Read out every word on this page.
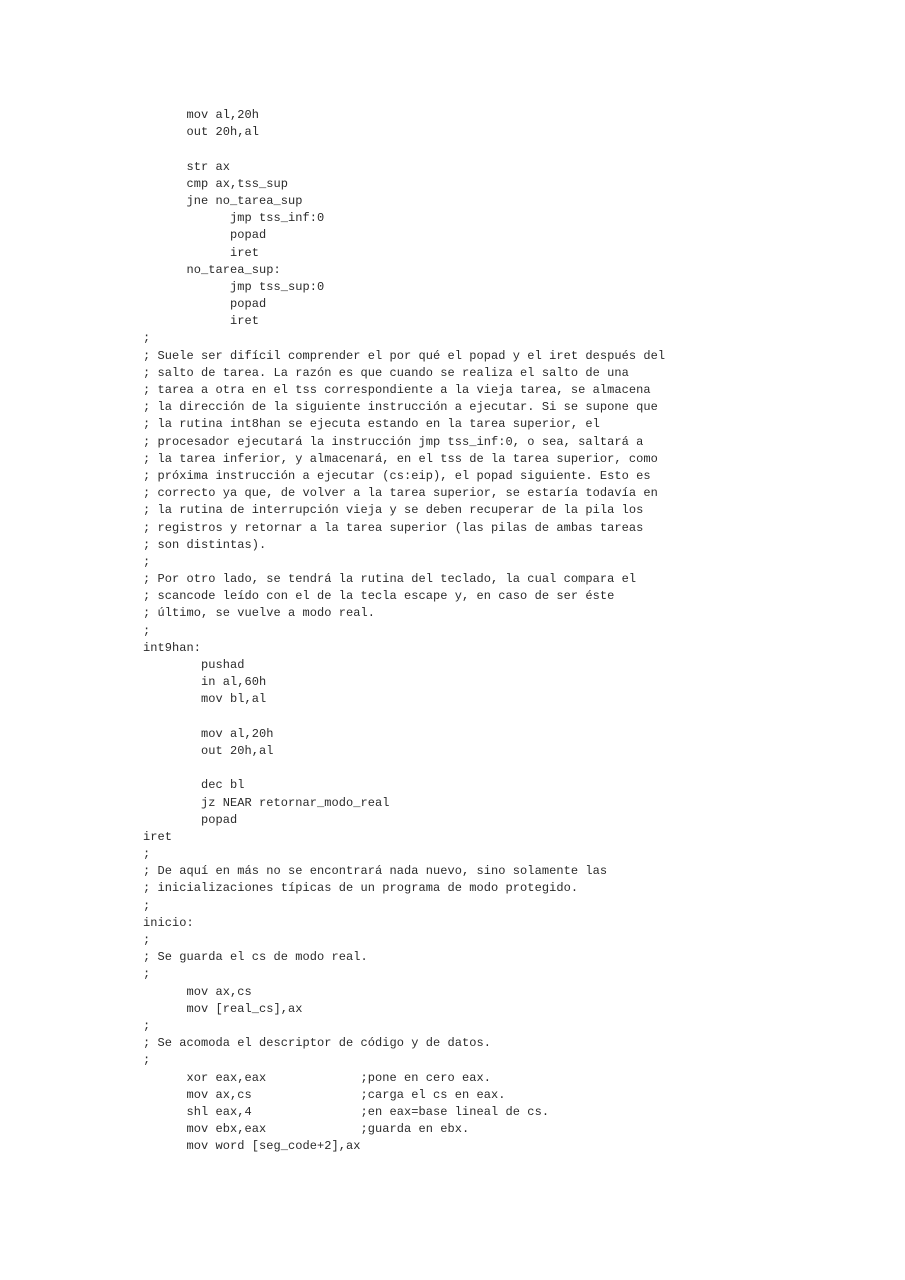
mov al,20h
out 20h,al

str ax
cmp ax,tss_sup
jne no_tarea_sup
jmp tss_inf:0
popad
iret
no_tarea_sup:
jmp tss_sup:0
popad
iret
;
; Suele ser difícil comprender el por qué el popad y el iret después del
; salto de tarea. La razón es que cuando se realiza el salto de una
; tarea a otra en el tss correspondiente a la vieja tarea, se almacena
; la dirección de la siguiente instrucción a ejecutar. Si se supone que
; la rutina int8han se ejecuta estando en la tarea superior, el
; procesador ejecutará la instrucción jmp tss_inf:0, o sea, saltará a
; la tarea inferior, y almacenará, en el tss de la tarea superior, como
; próxima instrucción a ejecutar (cs:eip), el popad siguiente. Esto es
; correcto ya que, de volver a la tarea superior, se estaría todavía en
; la rutina de interrupción vieja y se deben recuperar de la pila los
; registros y retornar a la tarea superior (las pilas de ambas tareas
; son distintas).
;
; Por otro lado, se tendrá la rutina del teclado, la cual compara el
; scancode leído con el de la tecla escape y, en caso de ser éste
; último, se vuelve a modo real.
;
int9han:
pushad
in al,60h
mov bl,al

mov al,20h
out 20h,al

dec bl
jz NEAR retornar_modo_real
popad
iret
;
; De aquí en más no se encontrará nada nuevo, sino solamente las
; inicializaciones típicas de un programa de modo protegido.
;
inicio:
;
; Se guarda el cs de modo real.
;
mov ax,cs
mov [real_cs],ax
;
; Se acomoda el descriptor de código y de datos.
;
xor eax,eax             ;pone en cero eax.
mov ax,cs               ;carga el cs en eax.
shl eax,4               ;en eax=base lineal de cs.
mov ebx,eax             ;guarda en ebx.
mov word [seg_code+2],ax
